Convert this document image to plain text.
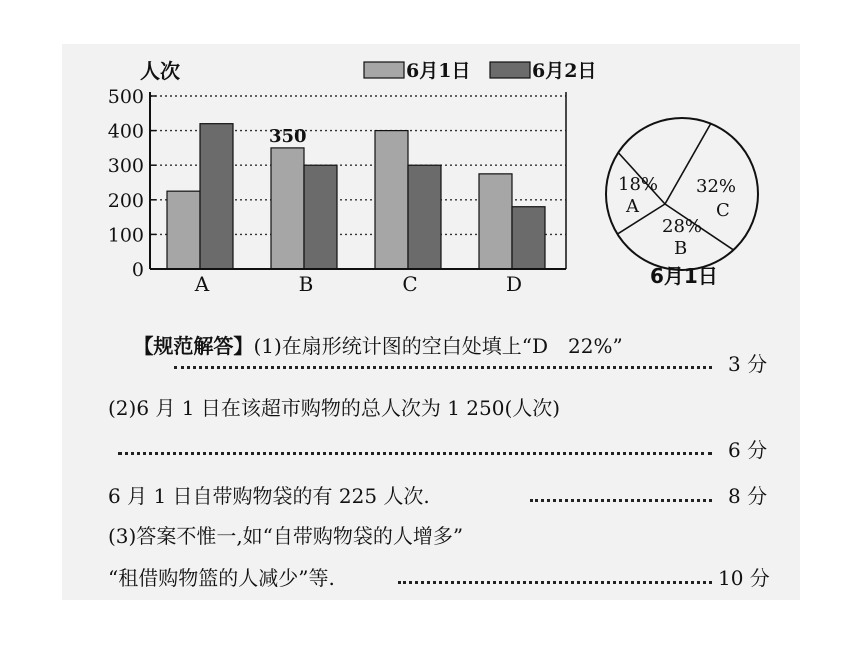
人次	6月1日	6月2日
0
100
200
300
400
500
A	B	C	D
350
18%
A
28%
B
32%
C
6月1日

【规范解答】(1)在扇形统计图的空白处填上“D　22%”

3 分
(2)6 月 1 日在该超市购物的总人次为 1 250(人次)
6 分
6 月 1 日自带购物袋的有 225 人次.	8 分
(3)答案不惟一,如“自带购物袋的人增多”
“租借购物篮的人减少”等.	10 分
